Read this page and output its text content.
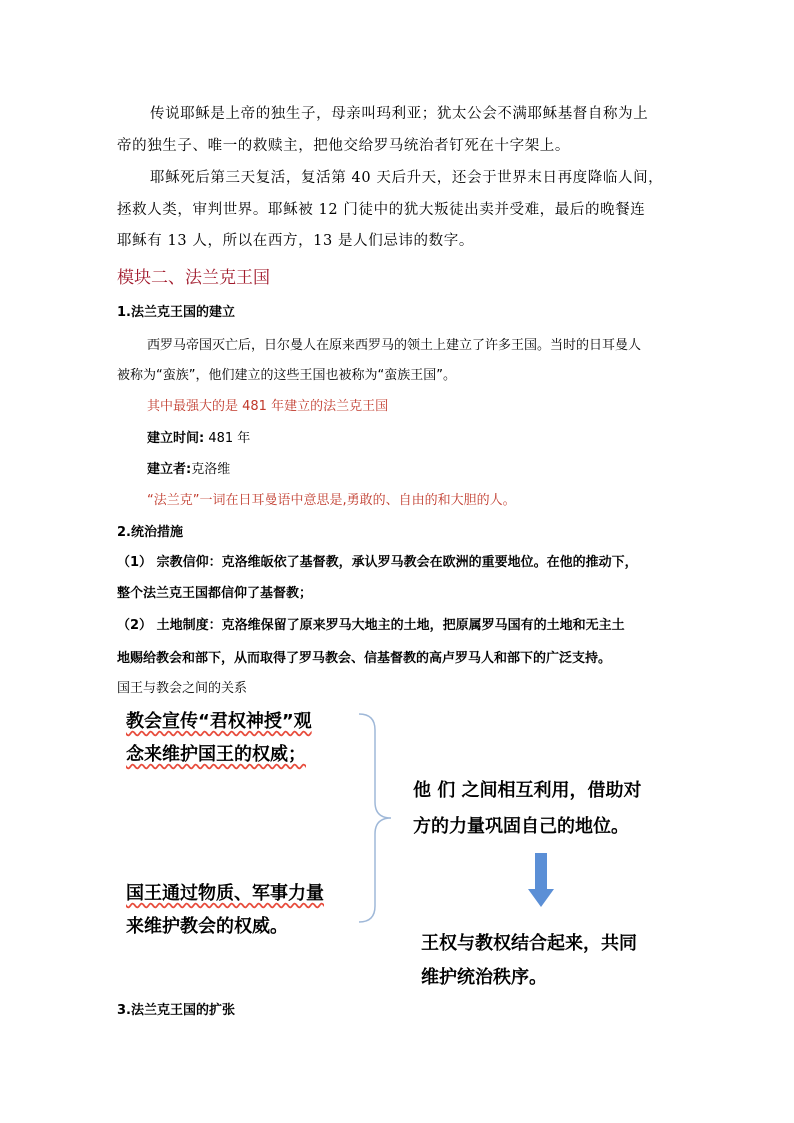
传说耶稣是上帝的独生子，母亲叫玛利亚；犹太公会不满耶稣基督自称为上
帝的独生子、唯一的救赎主，把他交给罗马统治者钉死在十字架上。
耶稣死后第三天复活，复活第 40 天后升天，还会于世界末日再度降临人间，
拯救人类，审判世界。耶稣被 12 门徒中的犹大叛徒出卖并受难，最后的晚餐连
耶稣有 13 人，所以在西方，13 是人们忌讳的数字。
模块二、法兰克王国
1.法兰克王国的建立
西罗马帝国灭亡后，日尔曼人在原来西罗马的领土上建立了许多王国。当时的日耳曼人
被称为“蛮族”，他们建立的这些王国也被称为“蛮族王国”。
其中最强大的是 481 年建立的法兰克王国
建立时间: 481 年
建立者:克洛维
“法兰克”一词在日耳曼语中意思是,勇敢的、自由的和大胆的人。
2.统治措施
（1） 宗教信仰：克洛维皈依了基督教，承认罗马教会在欧洲的重要地位。在他的推动下，
整个法兰克王国都信仰了基督教；
（2） 土地制度：克洛维保留了原来罗马大地主的土地，把原属罗马国有的土地和无主土
地赐给教会和部下，从而取得了罗马教会、信基督教的高卢罗马人和部下的广泛支持。
国王与教会之间的关系
教会宣传“君权神授”观
念来维护国王的权威；
国王通过物质、军事力量
来维护教会的权威。
他 们 之间相互利用，借助对
方的力量巩固自己的地位。
王权与教权结合起来，共同
维护统治秩序。
3.法兰克王国的扩张
